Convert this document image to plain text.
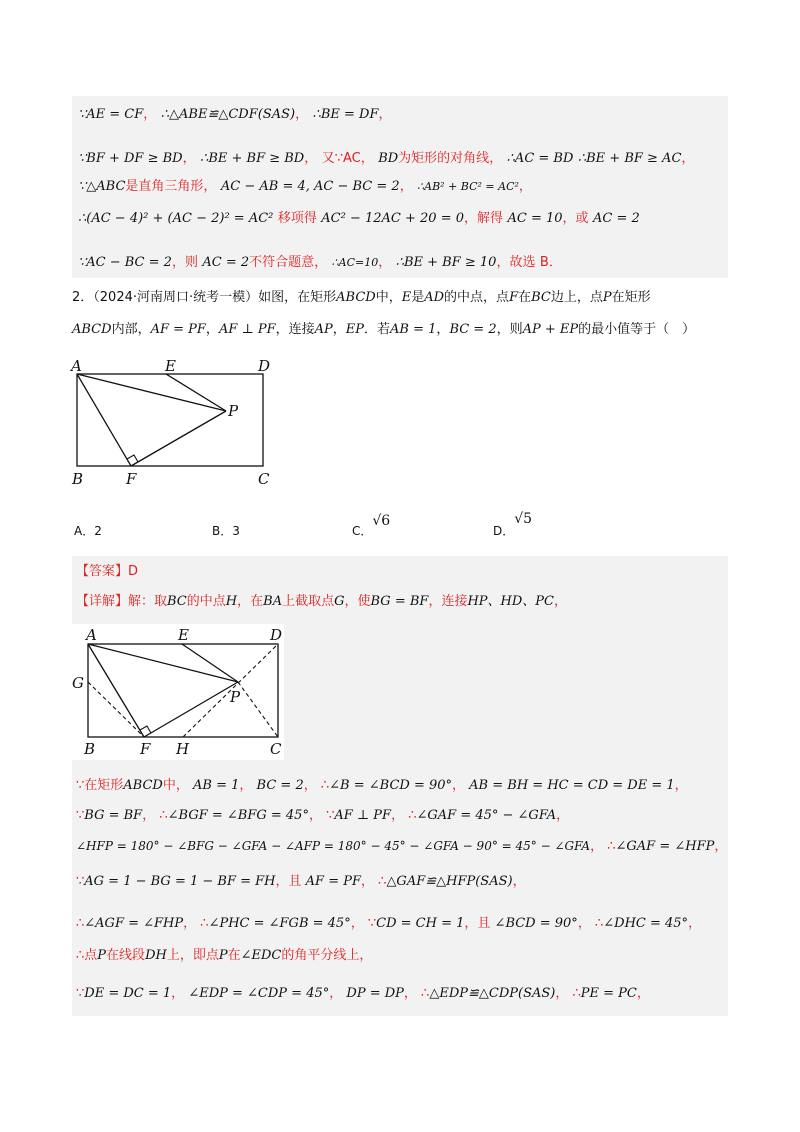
∵AE = CF， ∴△ABE≌△CDF(SAS)， ∴BE = DF，
∵BF + DF ≥ BD， ∴BE + BF ≥ BD， 又∵AC， BD为矩形的对角线， ∴AC = BD ∴BE + BF ≥ AC，
∵△ABC是直角三角形， AC − AB = 4, AC − BC = 2， ∴AB² + BC² = AC²，
∴(AC − 4)² + (AC − 2)² = AC² 移项得 AC² − 12AC + 20 = 0，解得 AC = 10，或 AC = 2
∵AC − BC = 2，则 AC = 2不符合题意， ∴AC=10， ∴BE + BF ≥ 10，故选 B．
2．（2024·河南周口·统考一模）如图，在矩形ABCD中，E是AD的中点，点F在BC边上，点P在矩形
ABCD内部，AF = PF，AF ⊥ PF，连接AP，EP．若AB = 1，BC = 2，则AP + EP的最小值等于（　）
A	E	D
P
B	F	C
A．2	B．3	C．√6
D．√5
【答案】D
【详解】解：取BC的中点H，在BA上截取点G，使BG = BF，连接HP、HD、PC，
A	E	D
G
P
B	F H	C
∵在矩形ABCD中， AB = 1， BC = 2， ∴∠B = ∠BCD = 90°， AB = BH = HC = CD = DE = 1，
∵BG = BF， ∴∠BGF = ∠BFG = 45°， ∵AF ⊥ PF， ∴∠GAF = 45° − ∠GFA，
∠HFP = 180° − ∠BFG − ∠GFA − ∠AFP = 180° − 45° − ∠GFA − 90° = 45° − ∠GFA， ∴∠GAF = ∠HFP，
∵AG = 1 − BG = 1 − BF = FH，且 AF = PF， ∴△GAF≌△HFP(SAS)，
∴∠AGF = ∠FHP， ∴∠PHC = ∠FGB = 45°， ∵CD = CH = 1，且 ∠BCD = 90°， ∴∠DHC = 45°，
∴点P在线段DH上，即点P在∠EDC的角平分线上，
∵DE = DC = 1， ∠EDP = ∠CDP = 45°， DP = DP， ∴△EDP≌△CDP(SAS)， ∴PE = PC，
